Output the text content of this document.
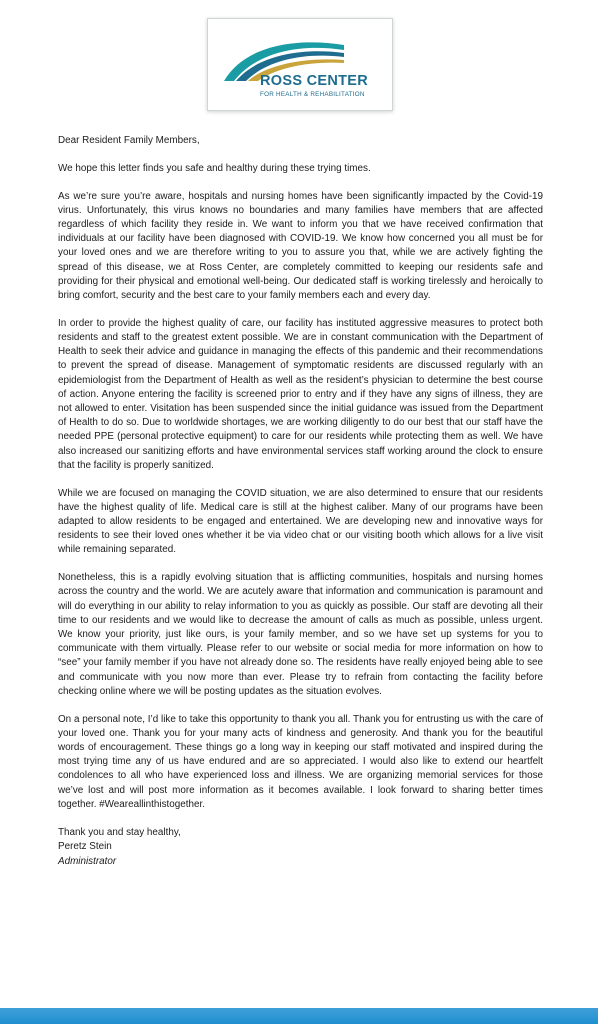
ROSS CENTER
FOR HEALTH & REHABILITATION

Dear Resident Family Members,

We hope this letter finds you safe and healthy during these trying times.

As we’re sure you’re aware, hospitals and nursing homes have been significantly impacted by the Covid-19 virus. Unfortunately, this virus knows no boundaries and many families have members that are affected regardless of which facility they reside in. We want to inform you that we have received confirmation that individuals at our facility have been diagnosed with COVID-19. We know how concerned you all must be for your loved ones and we are therefore writing to you to assure you that, while we are actively fighting the spread of this disease, we at Ross Center, are completely committed to keeping our residents safe and providing for their physical and emotional well-being. Our dedicated staff is working tirelessly and heroically to bring comfort, security and the best care to your family members each and every day.

In order to provide the highest quality of care, our facility has instituted aggressive measures to protect both residents and staff to the greatest extent possible. We are in constant communication with the Department of Health to seek their advice and guidance in managing the effects of this pandemic and their recommendations to prevent the spread of disease. Management of symptomatic residents are discussed regularly with an epidemiologist from the Department of Health as well as the resident’s physician to determine the best course of action. Anyone entering the facility is screened prior to entry and if they have any signs of illness, they are not allowed to enter. Visitation has been suspended since the initial guidance was issued from the Department of Health to do so. Due to worldwide shortages, we are working diligently to do our best that our staff have the needed PPE (personal protective equipment) to care for our residents while protecting them as well. We have also increased our sanitizing efforts and have environmental services staff working around the clock to ensure that the facility is properly sanitized.

While we are focused on managing the COVID situation, we are also determined to ensure that our residents have the highest quality of life. Medical care is still at the highest caliber. Many of our programs have been adapted to allow residents to be engaged and entertained. We are developing new and innovative ways for residents to see their loved ones whether it be via video chat or our visiting booth which allows for a live visit while remaining separated.

Nonetheless, this is a rapidly evolving situation that is afflicting communities, hospitals and nursing homes across the country and the world. We are acutely aware that information and communication is paramount and will do everything in our ability to relay information to you as quickly as possible. Our staff are devoting all their time to our residents and we would like to decrease the amount of calls as much as possible, unless urgent. We know your priority, just like ours, is your family member, and so we have set up systems for you to communicate with them virtually. Please refer to our website or social media for more information on how to “see” your family member if you have not already done so. The residents have really enjoyed being able to see and communicate with you now more than ever. Please try to refrain from contacting the facility before checking online where we will be posting updates as the situation evolves.

On a personal note, I’d like to take this opportunity to thank you all. Thank you for entrusting us with the care of your loved one. Thank you for your many acts of kindness and generosity. And thank you for the beautiful words of encouragement. These things go a long way in keeping our staff motivated and inspired during the most trying time any of us have endured and are so appreciated. I would also like to extend our heartfelt condolences to all who have experienced loss and illness. We are organizing memorial services for those we’ve lost and will post more information as it becomes available. I look forward to sharing better times together. #Weareallinthistogether.

Thank you and stay healthy,

Peretz Stein
Administrator
